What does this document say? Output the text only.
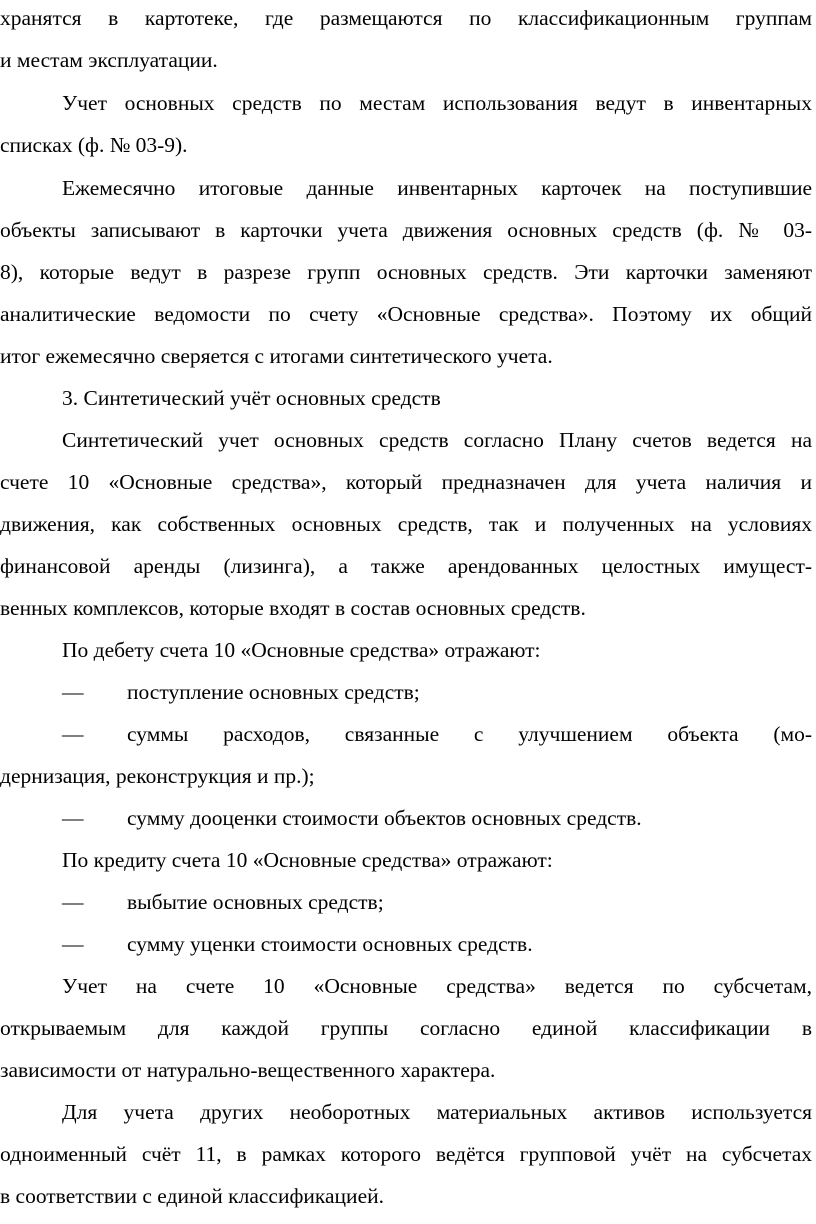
хранятся в картотеке, где размещаются по классификационным группам
и местам эксплуатации.
Учет основных средств по местам использования ведут в инвентарных
списках (ф. № 03-9).
Ежемесячно итоговые данные инвентарных карточек на поступившие
объекты записывают в карточки учета движения основных средств (ф. № 03-
8), которые ведут в разрезе групп основных средств. Эти карточки заменяют
аналитические ведомости по счету «Основные средства». Поэтому их общий
итог ежемесячно сверяется с итогами синтетического учета.
3. Синтетический учёт основных средств
Синтетический учет основных средств согласно Плану счетов ведется на
счете 10 «Основные средства», который предназначен для учета наличия и
движения, как собственных основных средств, так и полученных на условиях
финансовой аренды (лизинга), а также арендованных целостных имущест-
венных комплексов, которые входят в состав основных средств.
По дебету счета 10 «Основные средства» отражают:
— поступление основных средств;
— суммы расходов, связанные с улучшением объекта (мо-
дернизация, реконструкция и пр.);
— сумму дооценки стоимости объектов основных средств.
По кредиту счета 10 «Основные средства» отражают:
— выбытие основных средств;
— сумму уценки стоимости основных средств.
Учет на счете 10 «Основные средства» ведется по субсчетам,
открываемым для каждой группы согласно единой классификации в
зависимости от натурально-вещественного характера.
Для учета других необоротных материальных активов используется
одноименный счёт 11, в рамках которого ведётся групповой учёт на субсчетах
в соответствии с единой классификацией.
